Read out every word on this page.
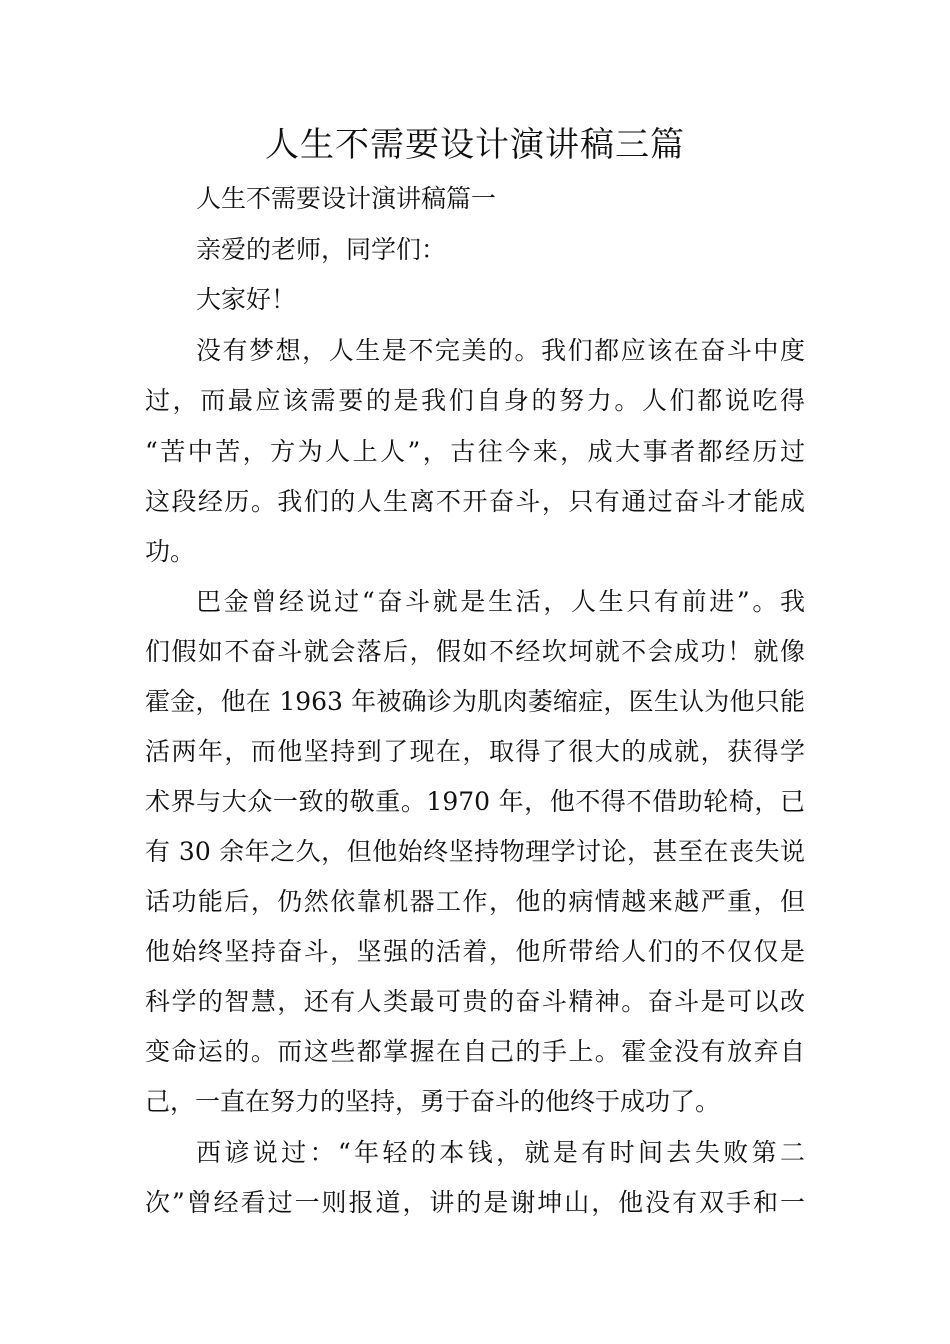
人生不需要设计演讲稿三篇
人生不需要设计演讲稿篇一
亲爱的老师，同学们：
大家好！
没有梦想，人生是不完美的。我们都应该在奋斗中度
过，而最应该需要的是我们自身的努力。人们都说吃得
“苦中苦，方为人上人”，古往今来，成大事者都经历过
这段经历。我们的人生离不开奋斗，只有通过奋斗才能成
功。
巴金曾经说过“奋斗就是生活，人生只有前进”。我
们假如不奋斗就会落后，假如不经坎坷就不会成功！就像
霍金，他在 1963 年被确诊为肌肉萎缩症，医生认为他只能
活两年，而他坚持到了现在，取得了很大的成就，获得学
术界与大众一致的敬重。1970 年，他不得不借助轮椅，已
有 30 余年之久，但他始终坚持物理学讨论，甚至在丧失说
话功能后，仍然依靠机器工作，他的病情越来越严重，但
他始终坚持奋斗，坚强的活着，他所带给人们的不仅仅是
科学的智慧，还有人类最可贵的奋斗精神。奋斗是可以改
变命运的。而这些都掌握在自己的手上。霍金没有放弃自
己，一直在努力的坚持，勇于奋斗的他终于成功了。
西谚说过：“年轻的本钱，就是有时间去失败第二
次”曾经看过一则报道，讲的是谢坤山，他没有双手和一
